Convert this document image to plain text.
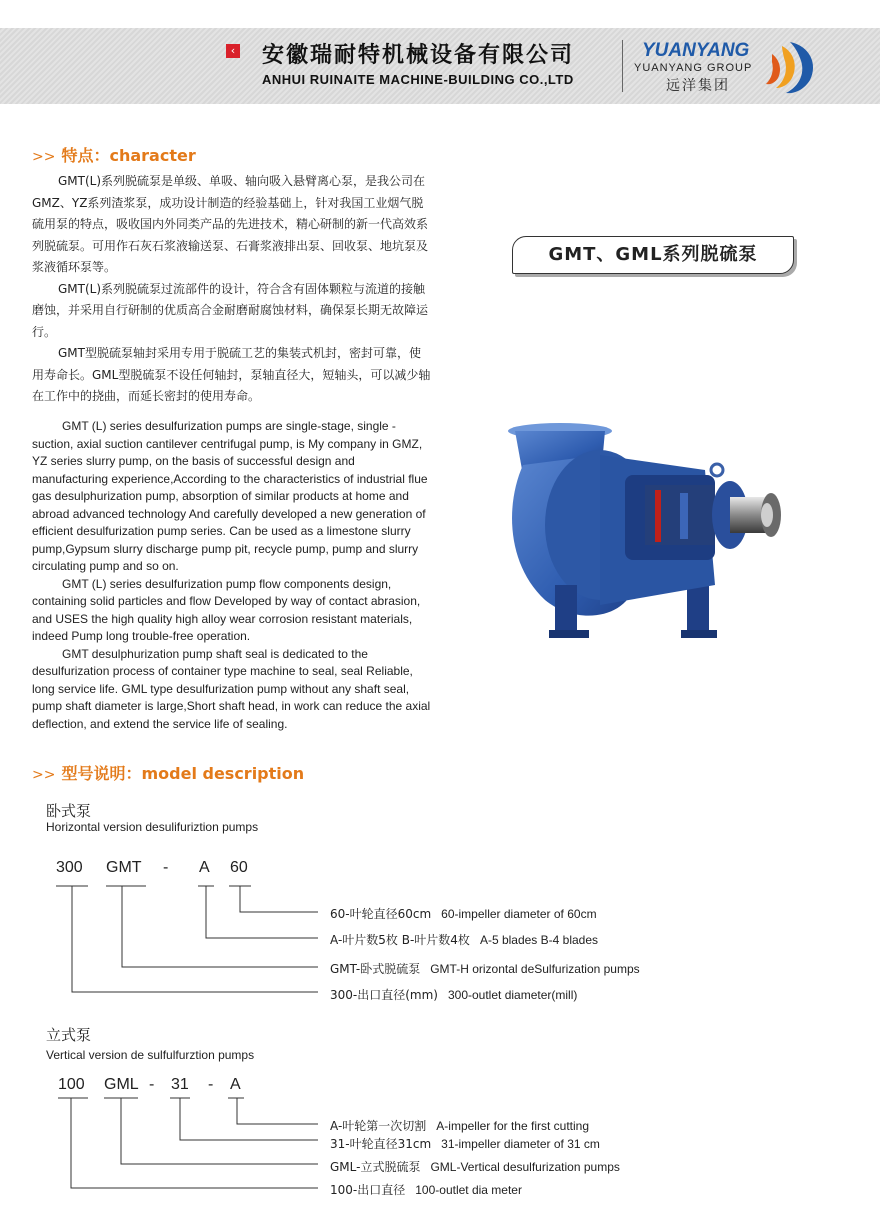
‹ 安徽瑞耐特机械设备有限公司
ANHUI RUINAITE MACHINE-BUILDING CO.,LTD
YUANYANG
YUANYANG GROUP
远洋集团
>> 特点：character

GMT(L)系列脱硫泵是单级、单吸、轴向吸入悬臂离心泵，是我公司在GMZ、YZ系列渣浆泵，成功设计制造的经验基础上，针对我国工业烟气脱硫用泵的特点，吸收国内外同类产品的先进技术，精心研制的新一代高效系列脱硫泵。可用作石灰石浆液输送泵、石膏浆液排出泵、回收泵、地坑泵及浆液循环泵等。

GMT(L)系列脱硫泵过流部件的设计，符合含有固体颗粒与流道的接触磨蚀，并采用自行研制的优质高合金耐磨耐腐蚀材料，确保泵长期无故障运行。

GMT型脱硫泵轴封采用专用于脱硫工艺的集装式机封，密封可靠，使用寿命长。GML型脱硫泵不设任何轴封，泵轴直径大，短轴头，可以减少轴在工作中的挠曲，而延长密封的使用寿命。

GMT (L) series desulfurization pumps are single-stage, single -suction, axial suction cantilever centrifugal pump, is My company in GMZ, YZ series slurry pump, on the basis of successful design and manufacturing experience,According to the characteristics of industrial flue gas desulphurization pump, absorption of similar products at home and abroad advanced technology And carefully developed a new generation of efficient desulfurization pump series. Can be used as a limestone slurry pump,Gypsum slurry discharge pump pit, recycle pump, pump and slurry circulating pump and so on.

GMT (L) series desulfurization pump flow components design, containing solid particles and flow Developed by way of contact abrasion, and USES the high quality high alloy wear corrosion resistant materials, indeed Pump long trouble-free operation.

GMT desulphurization pump shaft seal is dedicated to the desulfurization process of container type machine to seal, seal Reliable, long service life. GML type desulfurization pump without any shaft seal, pump shaft diameter is large,Short shaft head, in work can reduce the axial deflection, and extend the service life of sealing.

GMT、GML系列脱硫泵
>> 型号说明：model description
卧式泵
Horizontal version desulifuriztion pumps
300 GMT - A 60
60-叶轮直径60cm 60-impeller diameter of 60cm
A-叶片数5枚 B-叶片数4枚 A-5 blades B-4 blades
GMT-卧式脱硫泵 GMT-H orizontal deSulfurization pumps
300-出口直径(mm) 300-outlet diameter(mill)
立式泵
Vertical version de sulfulfurztion pumps
100 GML - 31 - A
A-叶轮第一次切割 A-impeller for the first cutting
31-叶轮直径31cm 31-impeller diameter of 31 cm
GML-立式脱硫泵 GML-Vertical desulfurization pumps
100-出口直径 100-outlet dia meter
